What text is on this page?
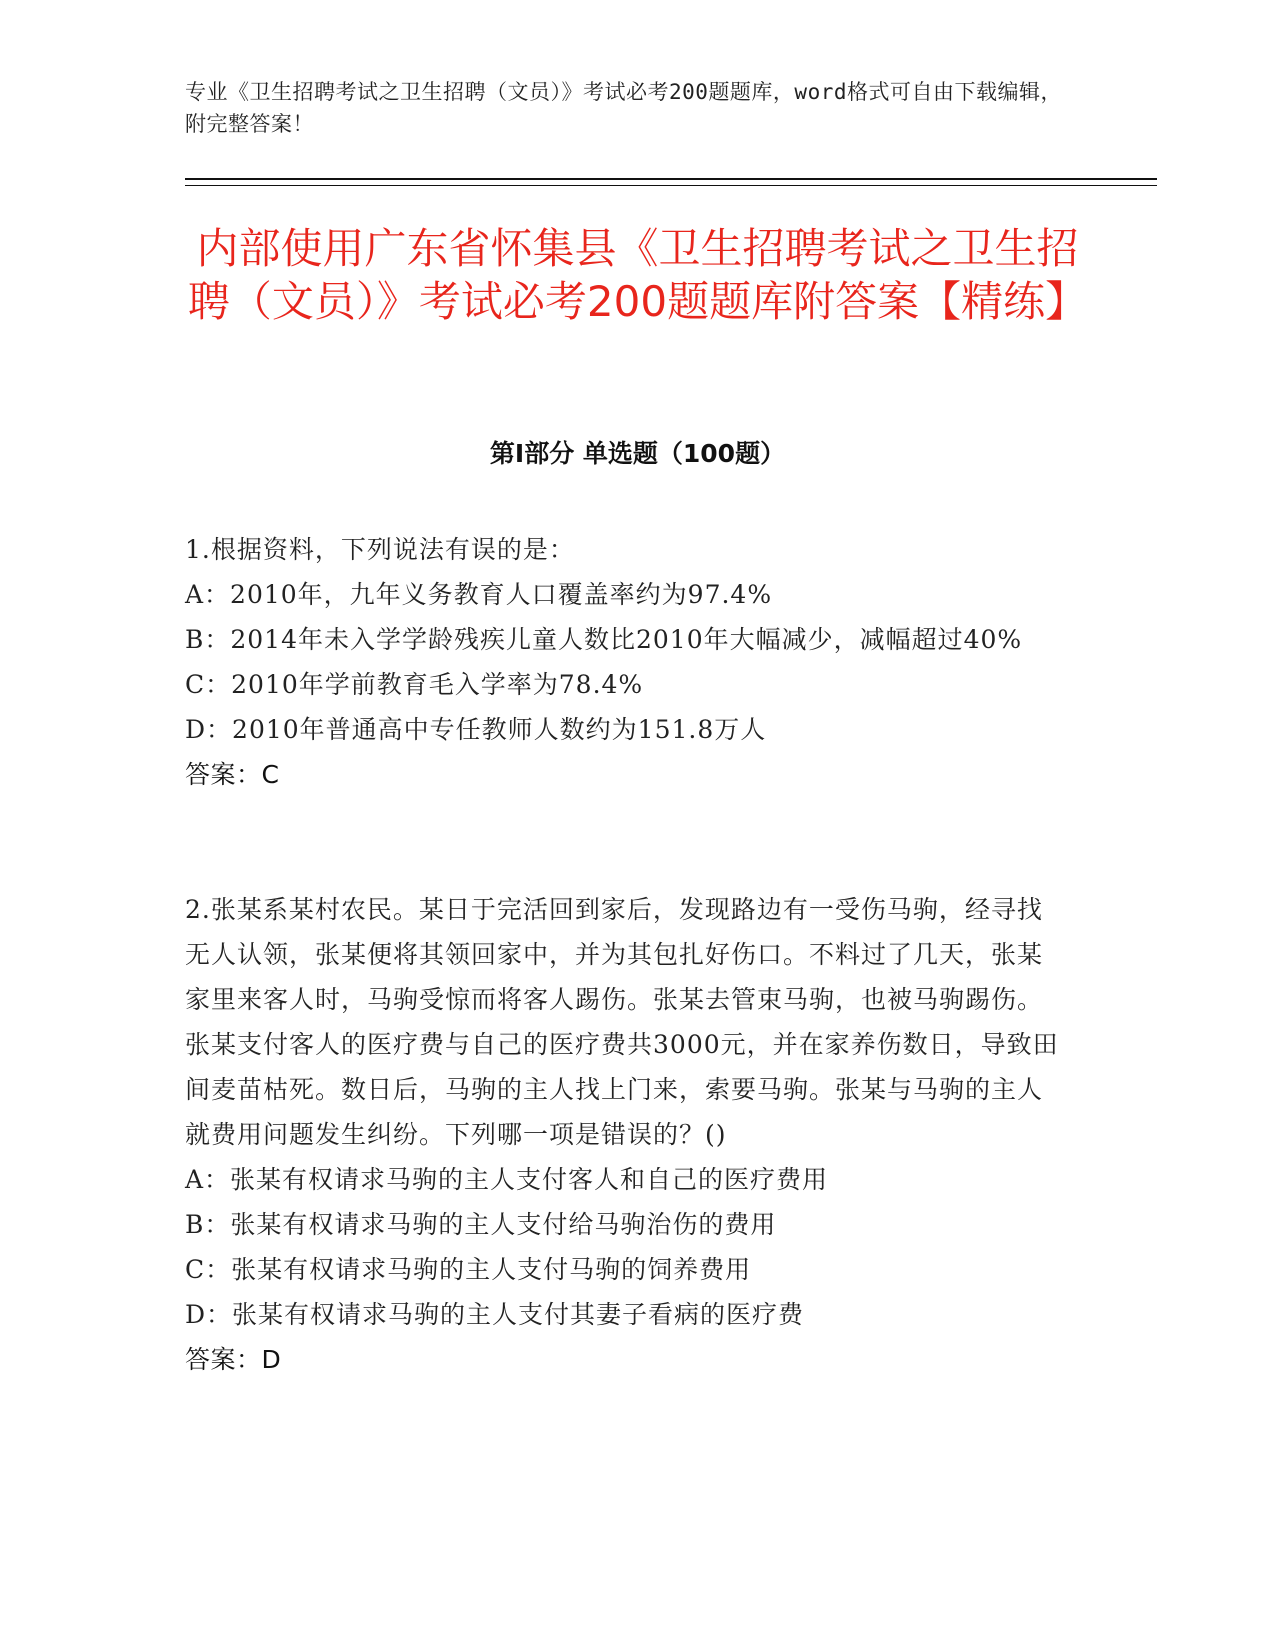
专业《卫生招聘考试之卫生招聘（文员）》考试必考200题题库，word格式可自由下载编辑，附完整答案！
内部使用广东省怀集县《卫生招聘考试之卫生招聘（文员）》考试必考200题题库附答案【精练】
第Ⅰ部分 单选题（100题）

1.根据资料，下列说法有误的是：

A：2010年，九年义务教育人口覆盖率约为97.4%

B：2014年未入学学龄残疾儿童人数比2010年大幅减少，减幅超过40%

C：2010年学前教育毛入学率为78.4%

D：2010年普通高中专任教师人数约为151.8万人

答案：C

2.张某系某村农民。某日于完活回到家后，发现路边有一受伤马驹，经寻找无人认领，张某便将其领回家中，并为其包扎好伤口。不料过了几天，张某家里来客人时，马驹受惊而将客人踢伤。张某去管束马驹，也被马驹踢伤。张某支付客人的医疗费与自己的医疗费共3000元，并在家养伤数日，导致田间麦苗枯死。数日后，马驹的主人找上门来，索要马驹。张某与马驹的主人就费用问题发生纠纷。下列哪一项是错误的？()

A：张某有权请求马驹的主人支付客人和自己的医疗费用

B：张某有权请求马驹的主人支付给马驹治伤的费用

C：张某有权请求马驹的主人支付马驹的饲养费用

D：张某有权请求马驹的主人支付其妻子看病的医疗费

答案：D
